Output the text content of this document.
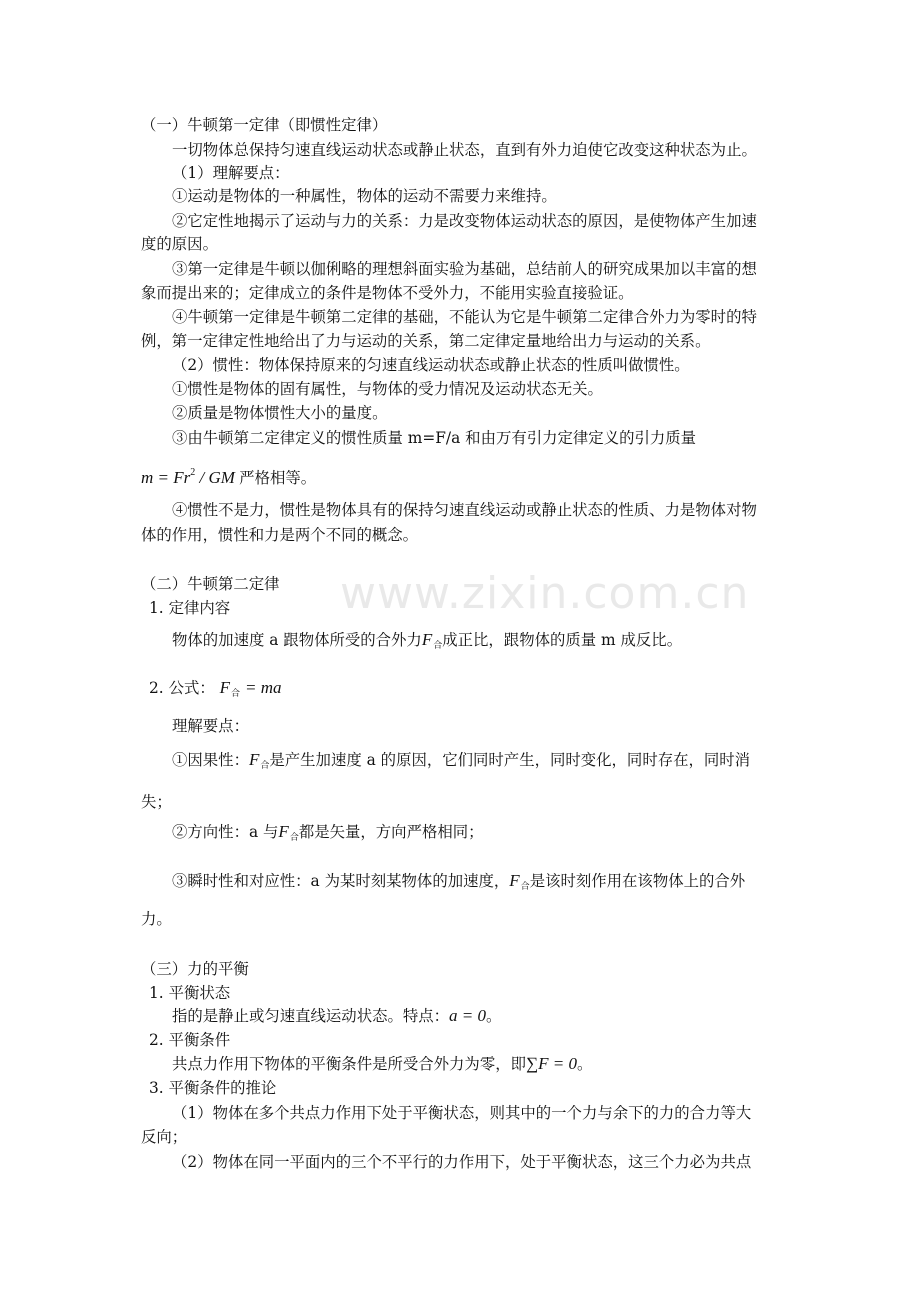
www.zixin.com.cn
（一）牛顿第一定律（即惯性定律）
一切物体总保持匀速直线运动状态或静止状态，直到有外力迫使它改变这种状态为止。
（1）理解要点：
①运动是物体的一种属性，物体的运动不需要力来维持。
②它定性地揭示了运动与力的关系：力是改变物体运动状态的原因，是使物体产生加速
度的原因。
③第一定律是牛顿以伽俐略的理想斜面实验为基础，总结前人的研究成果加以丰富的想
象而提出来的；定律成立的条件是物体不受外力，不能用实验直接验证。
④牛顿第一定律是牛顿第二定律的基础，不能认为它是牛顿第二定律合外力为零时的特
例，第一定律定性地给出了力与运动的关系，第二定律定量地给出力与运动的关系。
（2）惯性：物体保持原来的匀速直线运动状态或静止状态的性质叫做惯性。
①惯性是物体的固有属性，与物体的受力情况及运动状态无关。
②质量是物体惯性大小的量度。
③由牛顿第二定律定义的惯性质量 m=F/a 和由万有引力定律定义的引力质量
$m = Fr^2$ / GM 严格相等。
④惯性不是力，惯性是物体具有的保持匀速直线运动或静止状态的性质、力是物体对物
体的作用，惯性和力是两个不同的概念。
（二）牛顿第二定律
1. 定律内容
物体的加速度 a 跟物体所受的合外力$F_合$成正比，跟物体的质量 m 成反比。
2. 公式： $F_合$ = ma
理解要点：
①因果性：$F_合$是产生加速度 a 的原因，它们同时产生，同时变化，同时存在，同时消
失；
②方向性：a 与$F_合$都是矢量，方向严格相同；
③瞬时性和对应性：a 为某时刻某物体的加速度，$F_合$是该时刻作用在该物体上的合外
力。
（三）力的平衡
1. 平衡状态
指的是静止或匀速直线运动状态。特点：a = 0。
2. 平衡条件
共点力作用下物体的平衡条件是所受合外力为零，即∑F = 0。
3. 平衡条件的推论
（1）物体在多个共点力作用下处于平衡状态，则其中的一个力与余下的力的合力等大
反向；
（2）物体在同一平面内的三个不平行的力作用下，处于平衡状态，这三个力必为共点
